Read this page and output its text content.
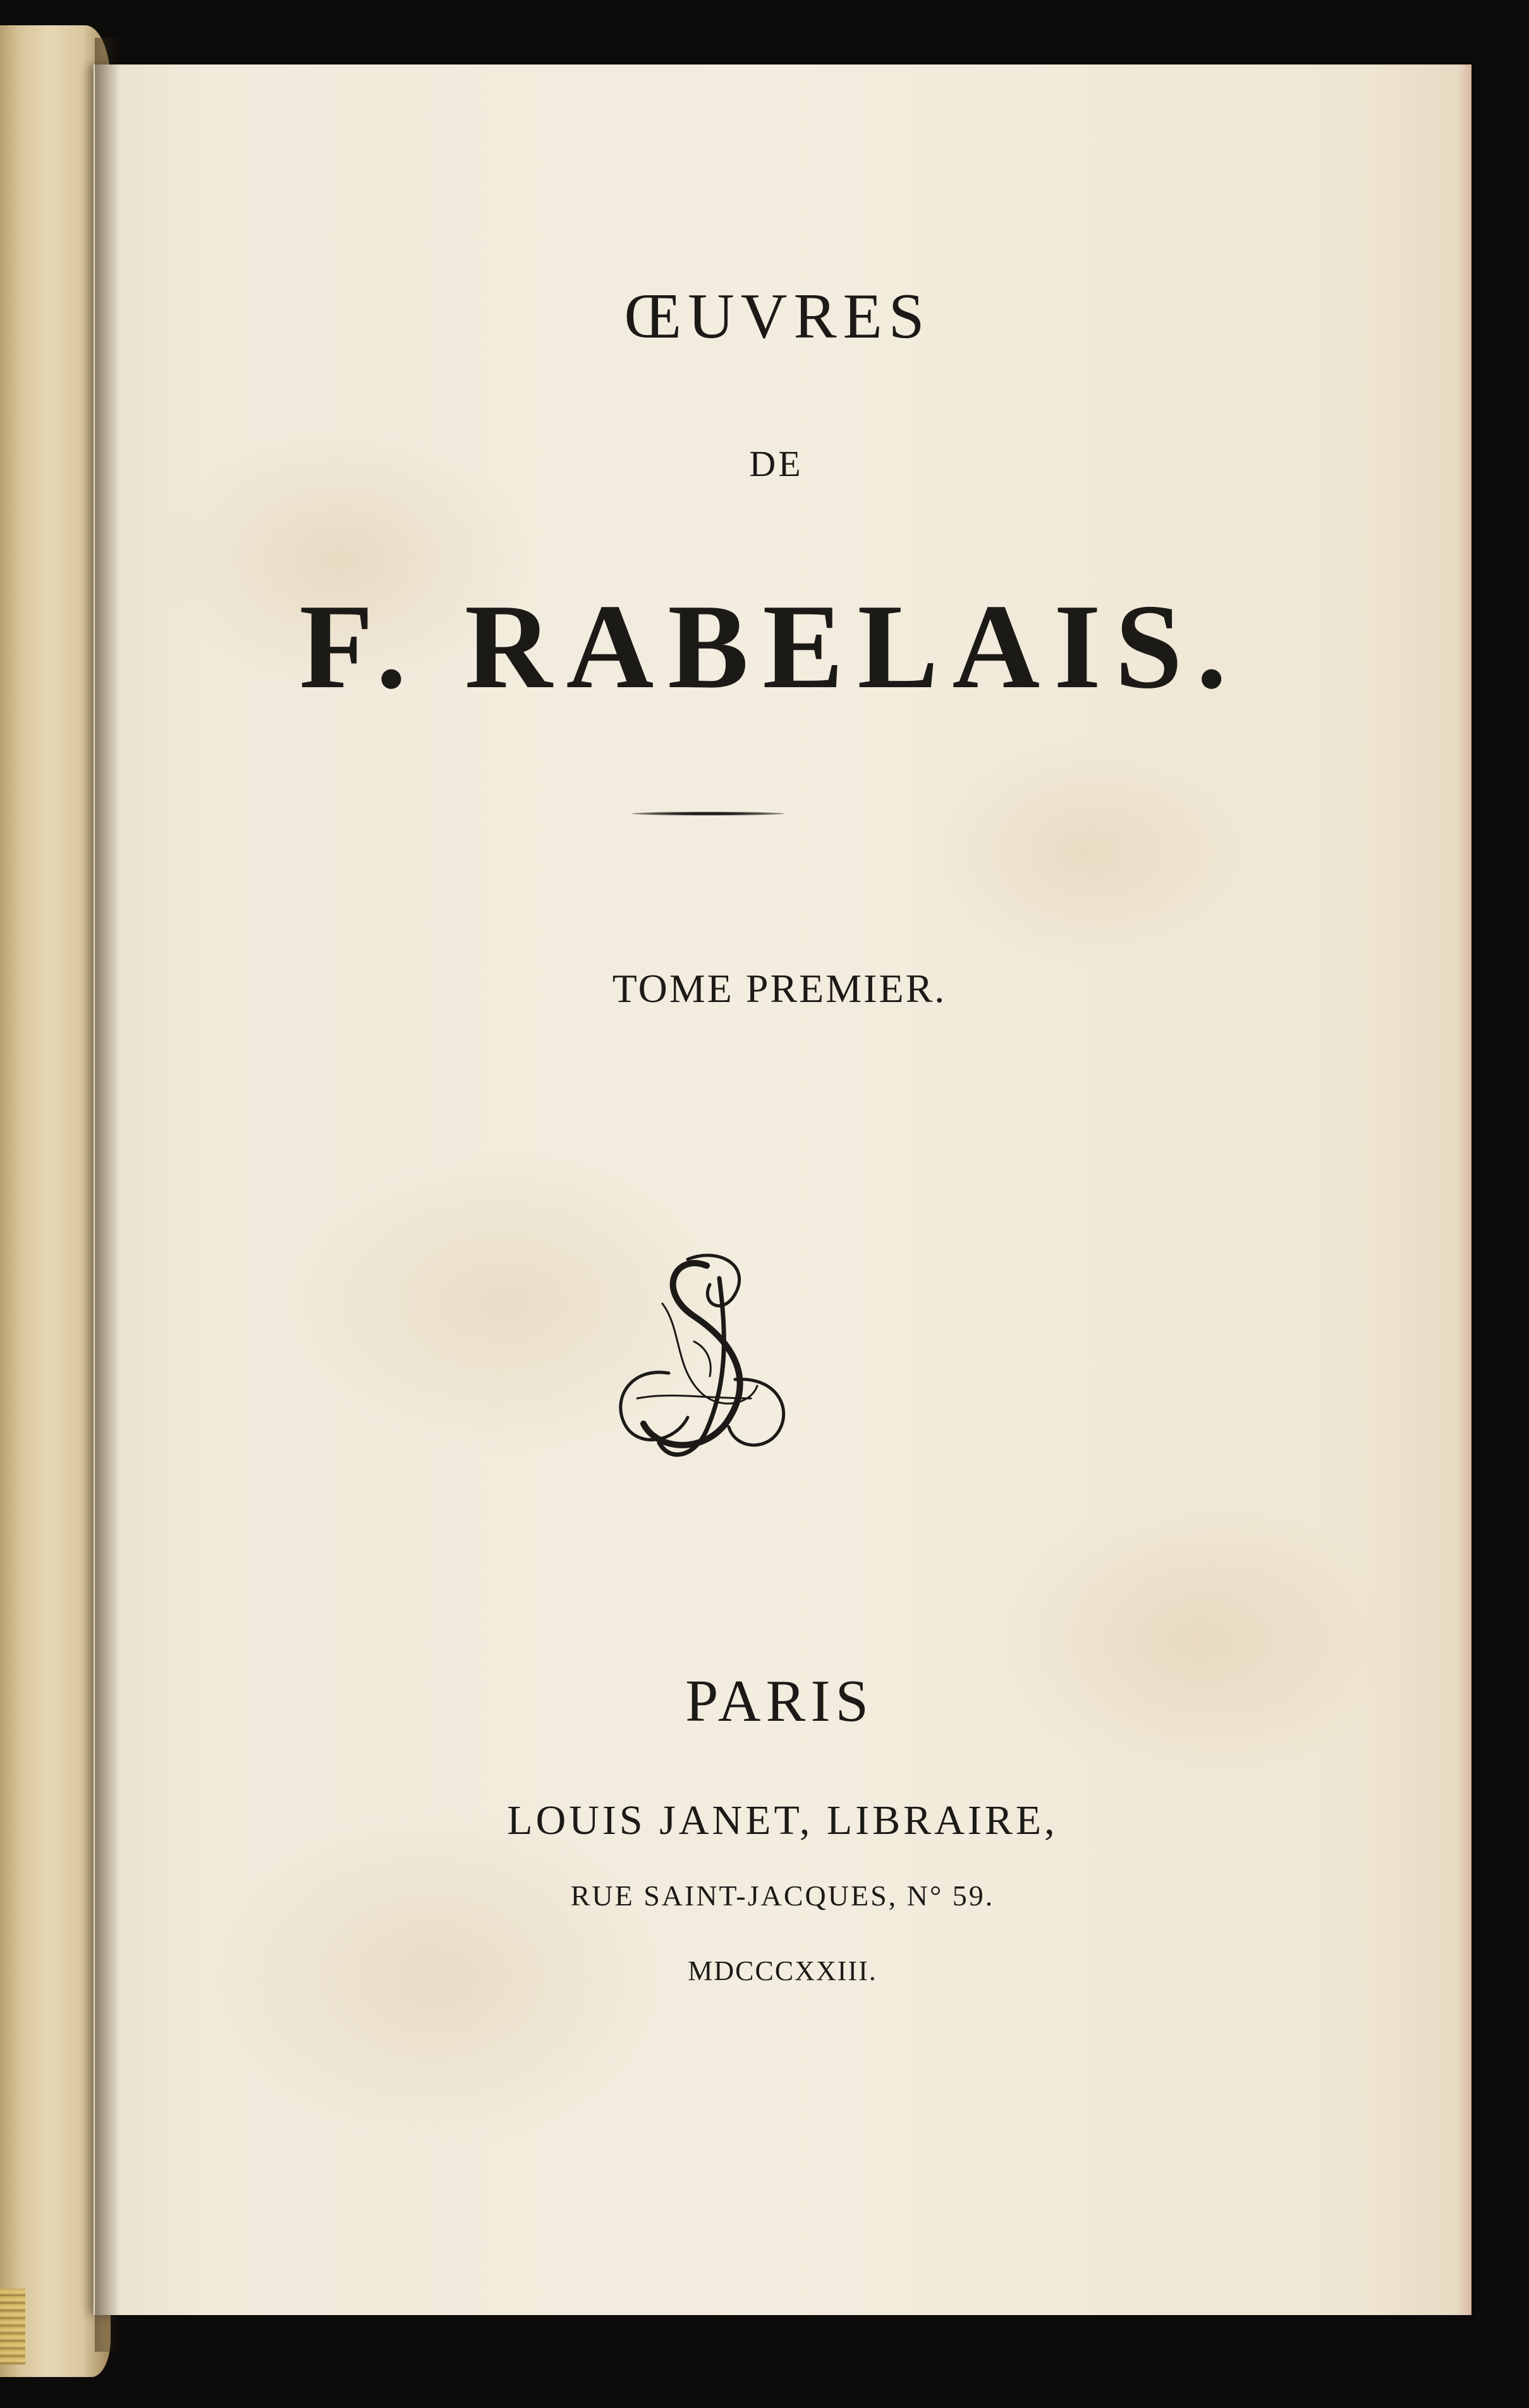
ŒUVRES
DE
F. RABELAIS.
TOME PREMIER.
PARIS
LOUIS JANET, LIBRAIRE,
RUE SAINT-JACQUES, N° 59.
MDCCCXXIII.
